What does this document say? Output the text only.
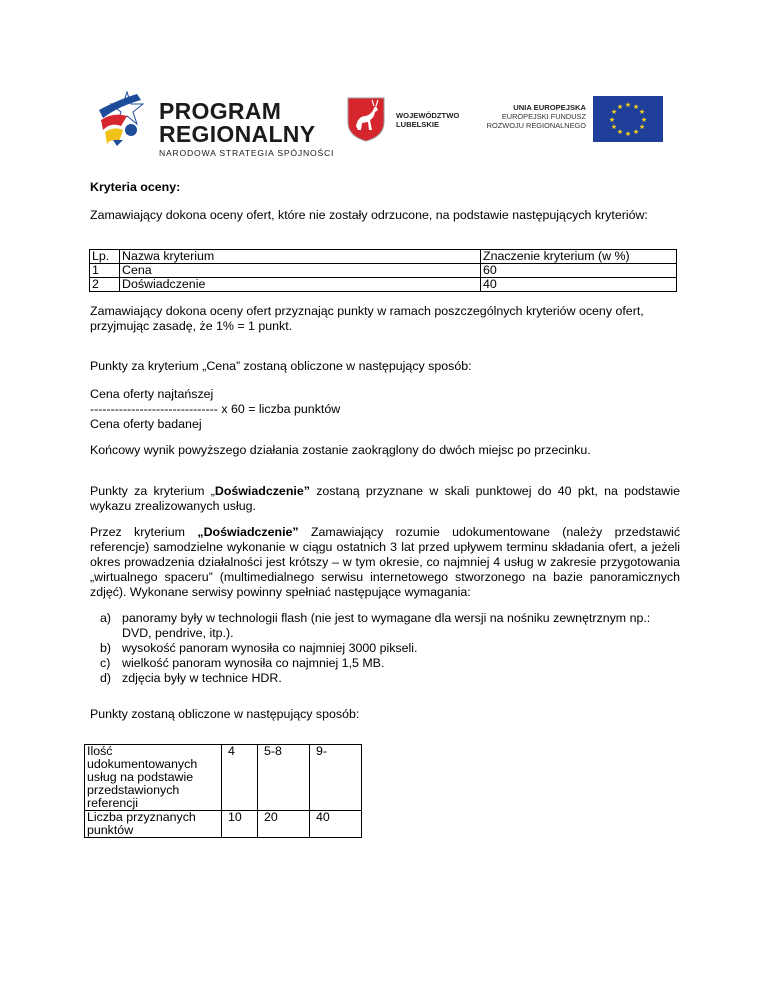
PROGRAM
REGIONALNY
NARODOWA STRATEGIA SPÓJNOŚCI
WOJEWÓDZTWO
LUBELSKIE
UNIA EUROPEJSKA
EUROPEJSKI FUNDUSZ
ROZWOJU REGIONALNEGO
★ ★
★
★
★
★
★
★
★
★
★
★
Kryteria oceny:
Zamawiający dokona oceny ofert, które nie zostały odrzucone, na podstawie następujących kryteriów:
Lp.	Nazwa kryterium	Znaczenie kryterium (w %)
1	Cena	60
2	Doświadczenie	40
Zamawiający dokona oceny ofert przyznając punkty w ramach poszczególnych kryteriów oceny ofert, przyjmując zasadę, że 1% = 1 punkt.
Punkty za kryterium „Cena” zostaną obliczone w następujący sposób:
Cena oferty najtańszej
------------------------------- x 60 = liczba punktów
Cena oferty badanej
Końcowy wynik powyższego działania zostanie zaokrąglony do dwóch miejsc po przecinku.
Punkty za kryterium „Doświadczenie” zostaną przyznane w skali punktowej do 40 pkt, na podstawie wykazu zrealizowanych usług.
Przez kryterium „Doświadczenie” Zamawiający rozumie udokumentowane (należy przedstawić referencje) samodzielne wykonanie w ciągu ostatnich 3 lat przed upływem terminu składania ofert, a jeżeli okres prowadzenia działalności jest krótszy – w tym okresie, co najmniej 4 usług w zakresie przygotowania „wirtualnego spaceru” (multimedialnego serwisu internetowego stworzonego na bazie panoramicznych zdjęć). Wykonane serwisy powinny spełniać następujące wymagania:
a) panoramy były w technologii flash (nie jest to wymagane dla wersji na nośniku zewnętrznym np.: DVD, pendrive, itp.).
b) wysokość panoram wynosiła co najmniej 3000 pikseli.
c) wielkość panoram wynosiła co najmniej 1,5 MB.
d) zdjęcia były w technice HDR.
Punkty zostaną obliczone w następujący sposób:
Ilość udokumentowanych usług na podstawie przedstawionych referencji	4	5-8	9-
Liczba przyznanych punktów	10	20	40
